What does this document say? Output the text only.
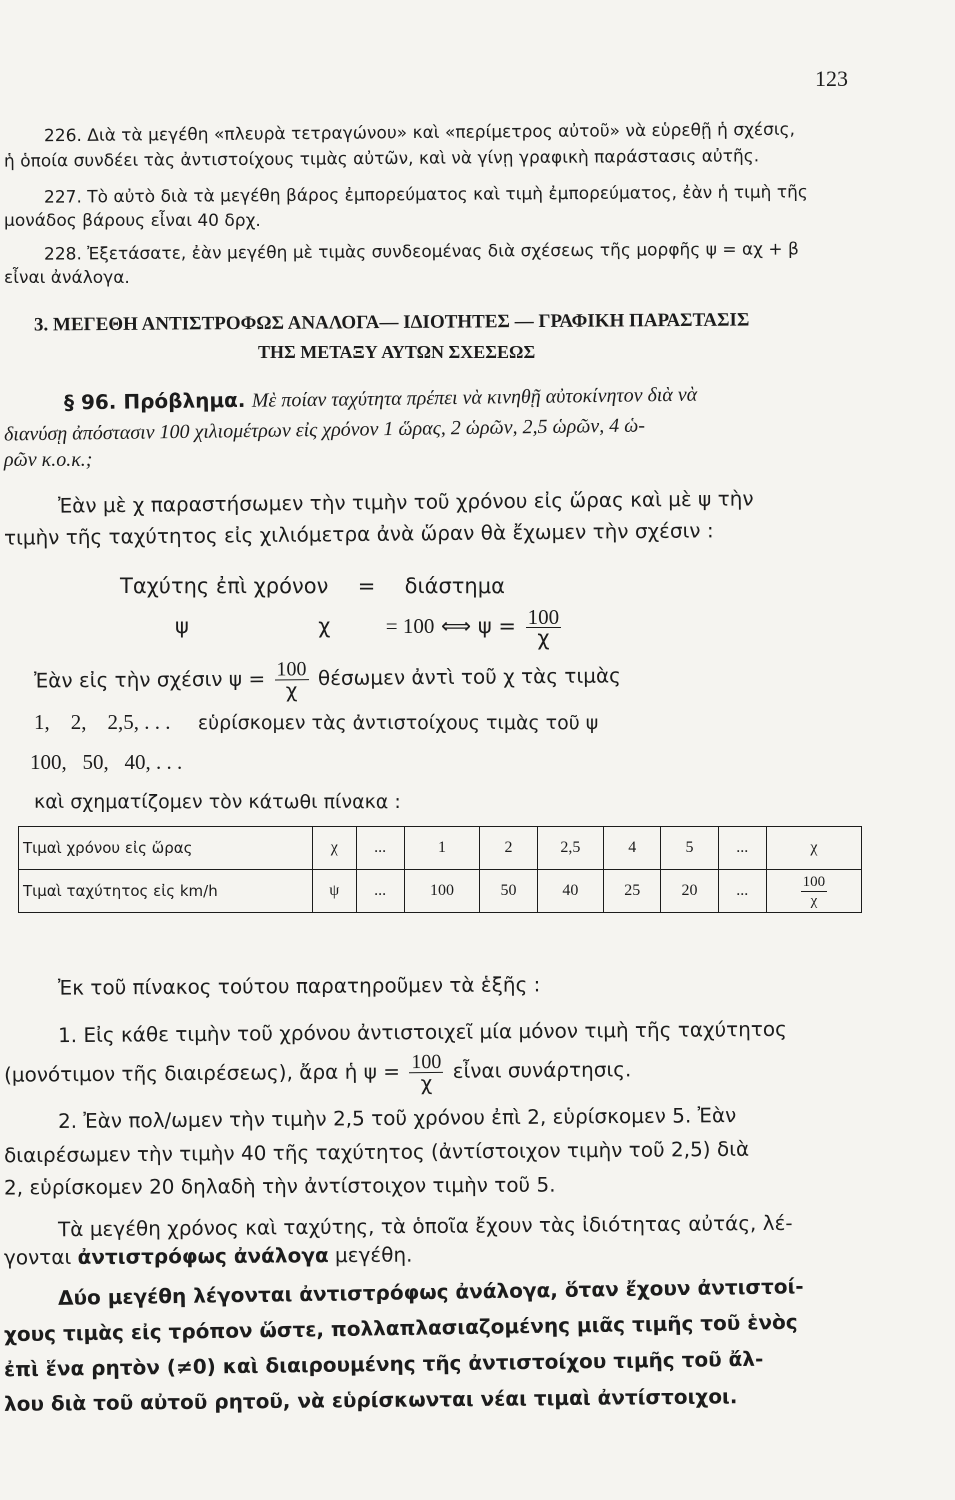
123
226. Διὰ τὰ μεγέθη «πλευρὰ τετραγώνου» καὶ «περίμετρος αὐτοῦ» νὰ εὑρεθῇ ἡ σχέσις,
ἡ ὁποία συνδέει τὰς ἀντιστοίχους τιμὰς αὐτῶν, καὶ νὰ γίνῃ γραφικὴ παράστασις αὐτῆς.
227. Τὸ αὐτὸ διὰ τὰ μεγέθη βάρος ἐμπορεύματος καὶ τιμὴ ἐμπορεύματος, ἐὰν ἡ τιμὴ τῆς
μονάδος βάρους εἶναι 40 δρχ.
228. Ἐξετάσατε, ἐὰν μεγέθη μὲ τιμὰς συνδεομένας διὰ σχέσεως τῆς μορφῆς ψ = αχ + β
εἶναι ἀνάλογα.
3. ΜΕΓΕΘΗ ΑΝΤΙΣΤΡΟΦΩΣ ΑΝΑΛΟΓΑ— ΙΔΙΟΤΗΤΕΣ — ΓΡΑΦΙΚΗ ΠΑΡΑΣΤΑΣΙΣ
ΤΗΣ ΜΕΤΑΞΥ ΑΥΤΩΝ ΣΧΕΣΕΩΣ
§ 96. Πρόβλημα. Μὲ ποίαν ταχύτητα πρέπει νὰ κινηθῇ αὐτοκίνητον διὰ νὰ
διανύσῃ ἀπόστασιν 100 χιλιομέτρων εἰς χρόνον 1 ὥρας, 2 ὡρῶν, 2,5 ὡρῶν, 4 ὡ-
ρῶν κ.ο.κ.;
Ἐὰν μὲ χ παραστήσωμεν τὴν τιμὴν τοῦ χρόνου εἰς ὥρας καὶ μὲ ψ τὴν
τιμὴν τῆς ταχύτητος εἰς χιλιόμετρα ἀνὰ ὥραν θὰ ἔχωμεν τὴν σχέσιν :
Ταχύτης ἐπὶ χρόνον = διάστημα
ψ	χ	= 100 ⟺ $\psi = \frac{100}{\chi}$
Ἐὰν εἰς τὴν σχέσιν $\psi = \frac{100}{\chi}$ θέσωμεν ἀντὶ τοῦ χ τὰς τιμὰς
1,    2,    2,5, . . . εὑρίσκομεν τὰς ἀντιστοίχους τιμὰς τοῦ ψ
100,   50,   40, . . .
καὶ σχηματίζομεν τὸν κάτωθι πίνακα :
Τιμαὶ χρόνου εἰς ὥρας	χ	...	1	2	2,5	4	5	...	χ
Τιμαὶ ταχύτητος εἰς km/h	ψ	...	100	50	40	25	20	...	$\frac{100}{\chi}$
Ἐκ τοῦ πίνακος τούτου παρατηροῦμεν τὰ ἑξῆς :
1. Εἰς κάθε τιμὴν τοῦ χρόνου ἀντιστοιχεῖ μία μόνον τιμὴ τῆς ταχύτητος
(μονότιμον τῆς διαιρέσεως), ἄρα ἡ $\psi = \frac{100}{\chi}$ εἶναι συνάρτησις.
2. Ἐὰν πολ/ωμεν τὴν τιμὴν 2,5 τοῦ χρόνου ἐπὶ 2, εὑρίσκομεν 5. Ἐὰν
διαιρέσωμεν τὴν τιμὴν 40 τῆς ταχύτητος (ἀντίστοιχον τιμὴν τοῦ 2,5) διὰ
2, εὑρίσκομεν 20 δηλαδὴ τὴν ἀντίστοιχον τιμὴν τοῦ 5.
Τὰ μεγέθη χρόνος καὶ ταχύτης, τὰ ὁποῖα ἔχουν τὰς ἰδιότητας αὐτάς, λέ-
γονται ἀντιστρόφως ἀνάλογα μεγέθη.
Δύο μεγέθη λέγονται ἀντιστρόφως ἀνάλογα, ὅταν ἔχουν ἀντιστοί-
χους τιμὰς εἰς τρόπον ὥστε, πολλαπλασιαζομένης μιᾶς τιμῆς τοῦ ἑνὸς
ἐπὶ ἕνα ρητὸν (≠0) καὶ διαιρουμένης τῆς ἀντιστοίχου τιμῆς τοῦ ἄλ-
λου διὰ τοῦ αὐτοῦ ρητοῦ, νὰ εὑρίσκωνται νέαι τιμαὶ ἀντίστοιχοι.
